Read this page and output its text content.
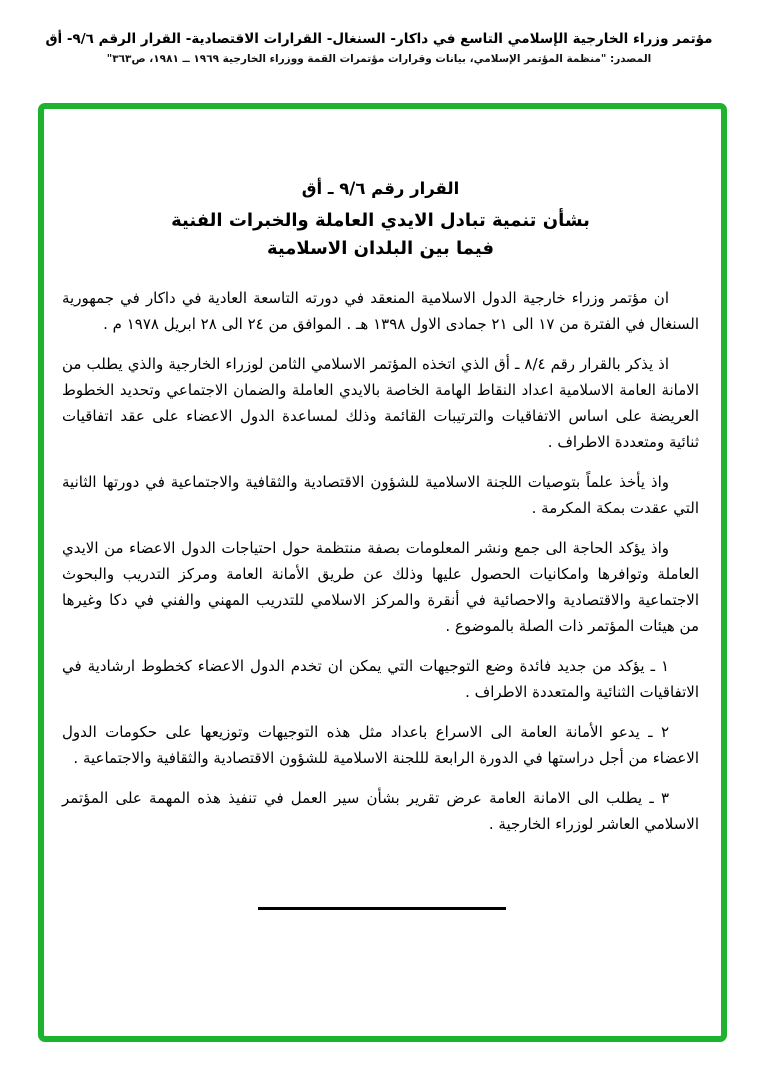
مؤتمر وزراء الخارجية الإسلامي التاسع في داكار- السنغال- القرارات الاقتصادية- القرار الرقم ٩/٦- أق
المصدر: "منظمة المؤتمر الإسلامي، بيانات وقرارات مؤتمرات القمة ووزراء الخارجية ١٩٦٩ ــ ١٩٨١، ص٣٦٣"
القرار رقم ٩/٦ ـ أق
بشأن تنمية تبادل الايدي العاملة والخبرات الفنية
فيما بين البلدان الاسلامية

ان مؤتمر وزراء خارجية الدول الاسلامية المنعقد في دورته التاسعة العادية في داكار في جمهورية السنغال في الفترة من ١٧ الى ٢١ جمادى الاول ١٣٩٨ هـ . الموافق من ٢٤ الى ٢٨ ابريل ١٩٧٨ م .

اذ يذكر بالقرار رقم ٨/٤ ـ أق الذي اتخذه المؤتمر الاسلامي الثامن لوزراء الخارجية والذي يطلب من الامانة العامة الاسلامية اعداد النقاط الهامة الخاصة بالايدي العاملة والضمان الاجتماعي وتحديد الخطوط العريضة على اساس الاتفاقيات والترتيبات القائمة وذلك لمساعدة الدول الاعضاء على عقد اتفاقيات ثنائية ومتعددة الاطراف .

واذ يأخذ علماً بتوصيات اللجنة الاسلامية للشؤون الاقتصادية والثقافية والاجتماعية في دورتها الثانية التي عقدت بمكة المكرمة .

واذ يؤكد الحاجة الى جمع ونشر المعلومات بصفة منتظمة حول احتياجات الدول الاعضاء من الايدي العاملة وتوافرها وامكانيات الحصول عليها وذلك عن طريق الأمانة العامة ومركز التدريب والبحوث الاجتماعية والاقتصادية والاحصائية في أنقرة والمركز الاسلامي للتدريب المهني والفني في دكا وغيرها من هيئات المؤتمر ذات الصلة بالموضوع .

١ ـ يؤكد من جديد فائدة وضع التوجيهات التي يمكن ان تخدم الدول الاعضاء كخطوط ارشادية في الاتفاقيات الثنائية والمتعددة الاطراف .

٢ ـ يدعو الأمانة العامة الى الاسراع باعداد مثل هذه التوجيهات وتوزيعها على حكومات الدول الاعضاء من أجل دراستها في الدورة الرابعة لللجنة الاسلامية للشؤون الاقتصادية والثقافية والاجتماعية .

٣ ـ يطلب الى الامانة العامة عرض تقرير بشأن سير العمل في تنفيذ هذه المهمة على المؤتمر الاسلامي العاشر لوزراء الخارجية .
